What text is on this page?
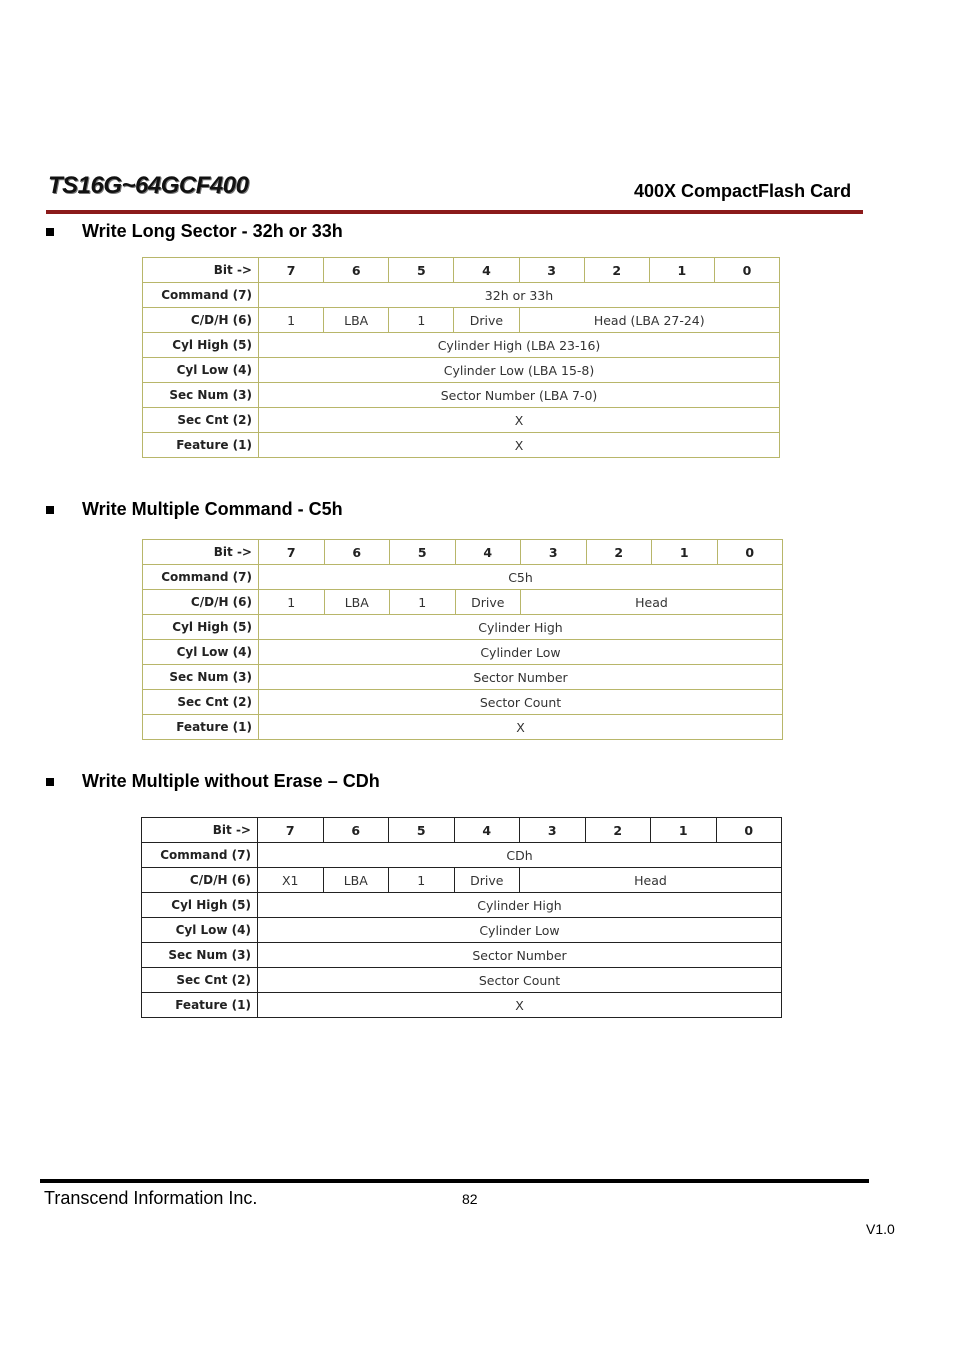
TS16G~64GCF400	400X CompactFlash Card
Write Long Sector - 32h or 33h
Bit ->	7	6	5	4	3	2	1	0
Command (7)	32h or 33h							
C/D/H (6)	1	LBA	1	Drive	Head (LBA 27-24)			
Cyl High (5)	Cylinder High (LBA 23-16)							
Cyl Low (4)	Cylinder Low (LBA 15-8)							
Sec Num (3)	Sector Number (LBA 7-0)							
Sec Cnt (2)	X							
Feature (1)	X							
Write Multiple Command - C5h
Bit ->	7	6	5	4	3	2	1	0
Command (7)	C5h							
C/D/H (6)	1	LBA	1	Drive	Head			
Cyl High (5)	Cylinder High							
Cyl Low (4)	Cylinder Low							
Sec Num (3)	Sector Number							
Sec Cnt (2)	Sector Count							
Feature (1)	X							
Write Multiple without Erase – CDh
Bit ->	7	6	5	4	3	2	1	0
Command (7)	CDh							
C/D/H (6)	X1	LBA	1	Drive	Head			
Cyl High (5)	Cylinder High							
Cyl Low (4)	Cylinder Low							
Sec Num (3)	Sector Number							
Sec Cnt (2)	Sector Count							
Feature (1)	X							
Transcend Information Inc.	82
V1.0
